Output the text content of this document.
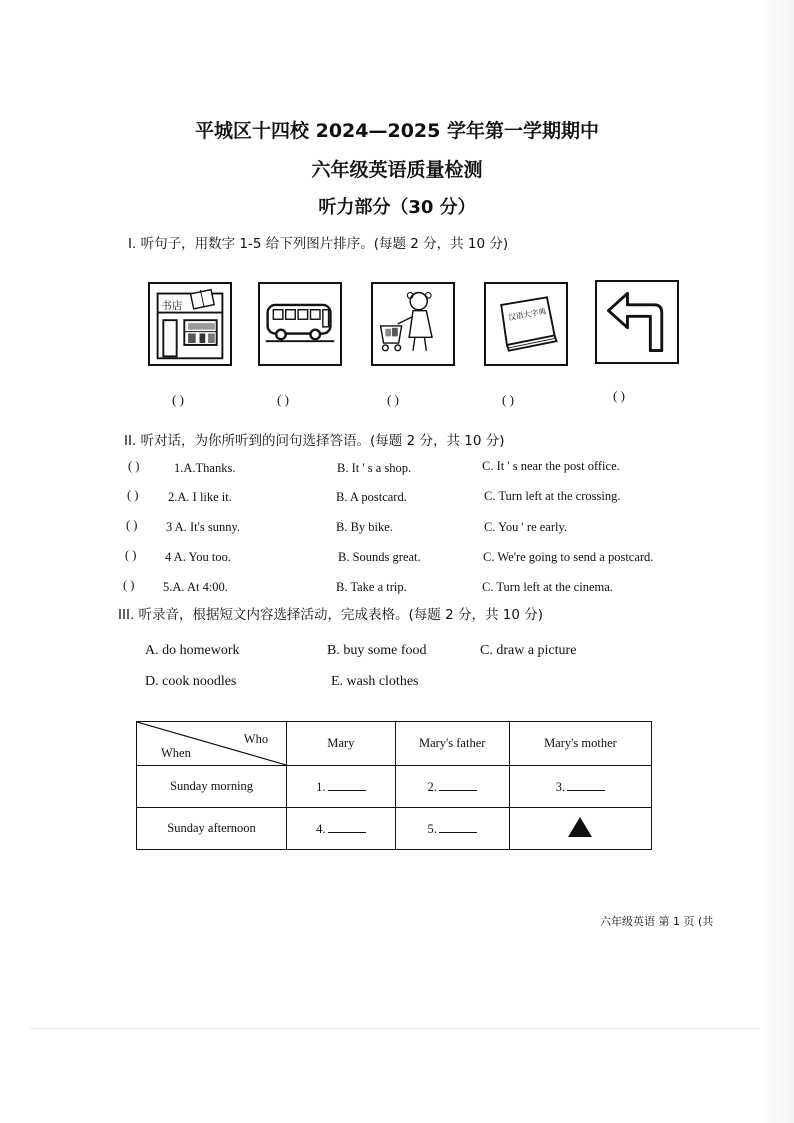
平城区十四校 2024—2025 学年第一学期期中
六年级英语质量检测
听力部分（30 分）
I. 听句子，用数字 1-5 给下列图片排序。(每题 2 分，共 10 分)
书店
汉语大字典
( )	( )	( )	( )	( )
II. 听对话，为你所听到的问句选择答语。(每题 2 分，共 10 分)
( )	1.A.Thanks.	B. It ' s a shop.	C. It ' s near the post office.
( ) 2.A. I like it.	B. A postcard.	C. Turn left at the crossing.
( ) 3 A. It's sunny.	B. By bike.	C. You ' re early.
( ) 4 A. You too.	B. Sounds great.	C. We're going to send a postcard.
( ) 5.A. At 4:00.	B. Take a trip.	C. Turn left at the cinema.
III. 听录音，根据短文内容选择活动，完成表格。(每题 2 分，共 10 分)
A. do homework	B. buy some food	C. draw a picture
D. cook noodles	E. wash clothes
Who
When	Mary	Mary's father	Mary's mother
Sunday morning	1.	2.	3.
Sunday afternoon	4.	5.	
六年级英语 第 1 页 (共
